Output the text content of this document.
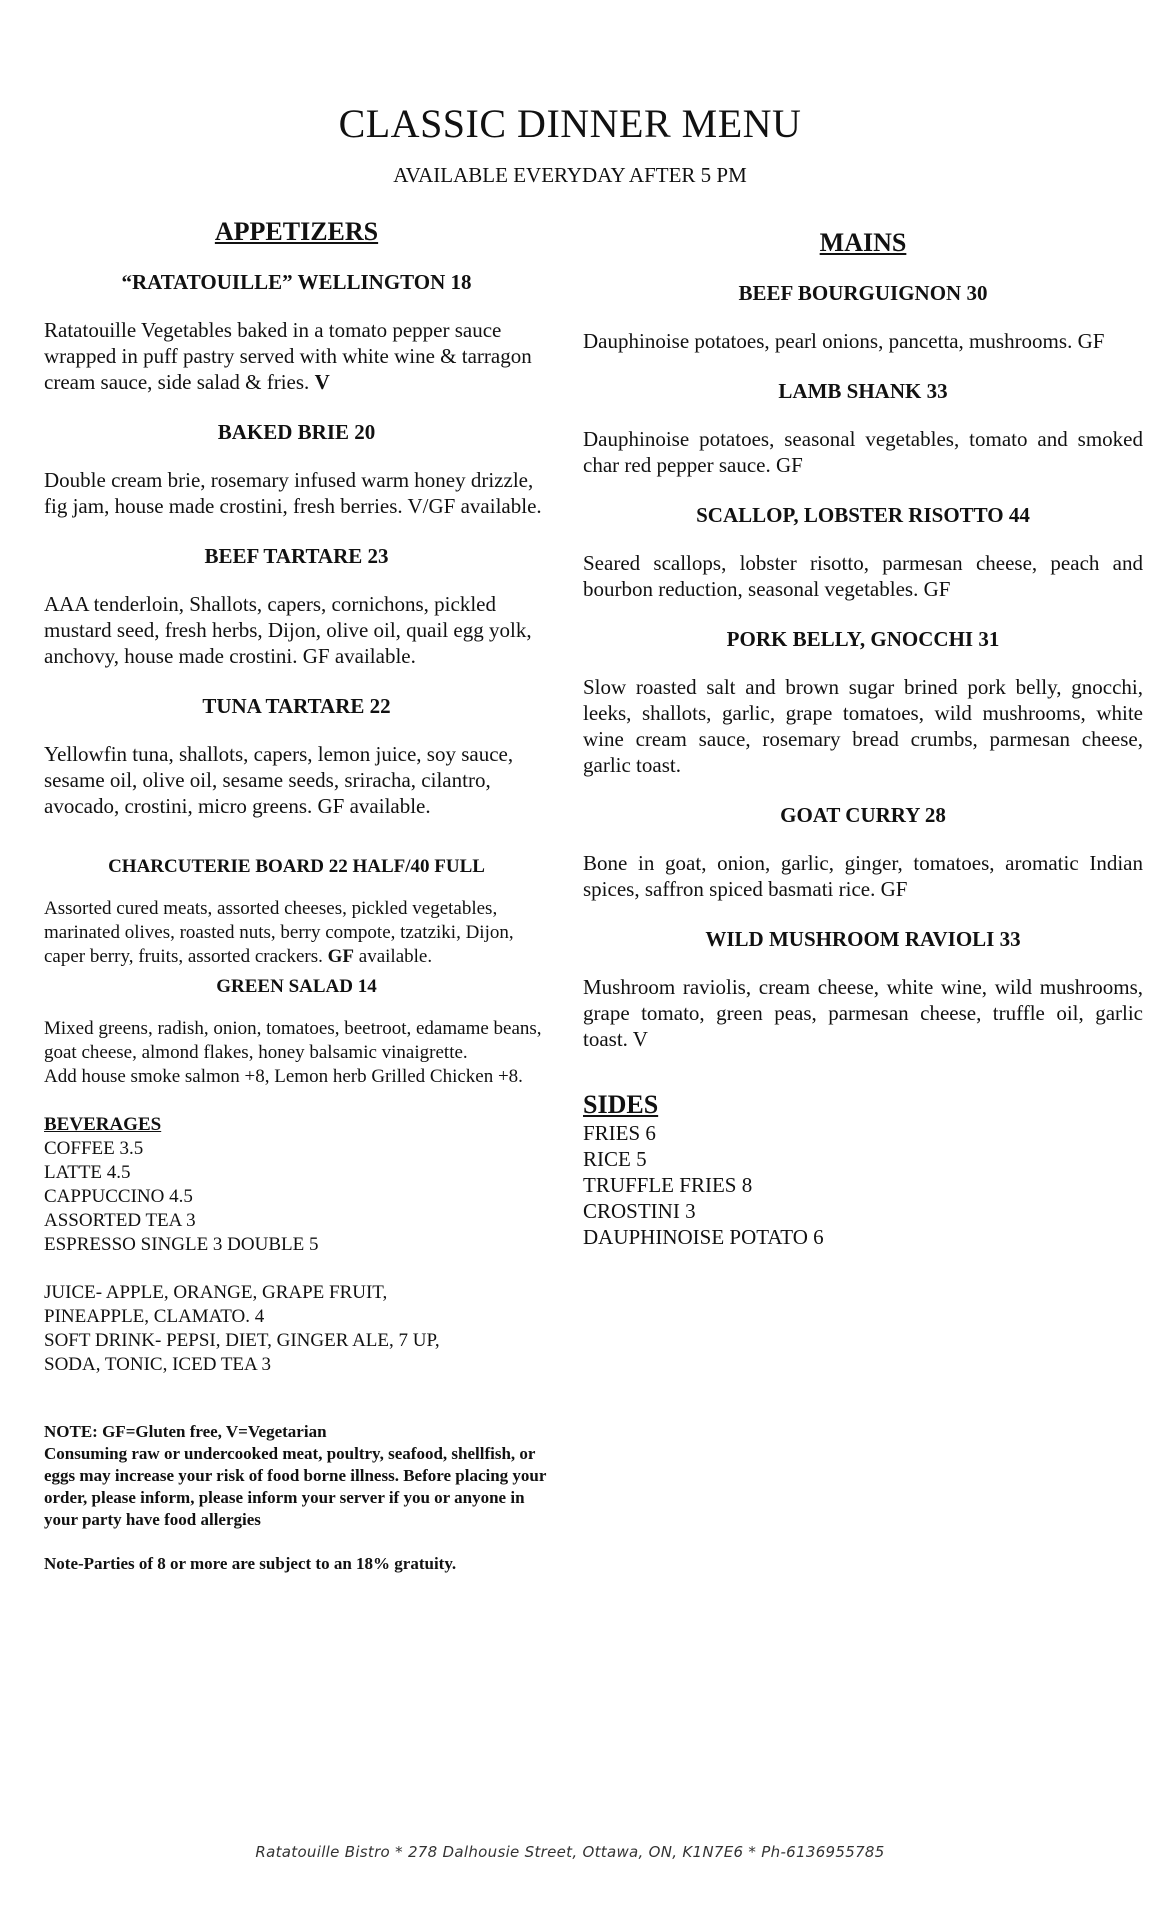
CLASSIC DINNER MENU
AVAILABLE EVERYDAY AFTER 5 PM
APPETIZERS
“RATATOUILLE” WELLINGTON 18
Ratatouille Vegetables baked in a tomato pepper sauce wrapped in puff pastry served with white wine & tarragon cream sauce, side salad & fries. V
BAKED BRIE 20
Double cream brie, rosemary infused warm honey drizzle, fig jam, house made crostini, fresh berries. V/GF available.
BEEF TARTARE 23
AAA tenderloin, Shallots, capers, cornichons, pickled mustard seed, fresh herbs, Dijon, olive oil, quail egg yolk, anchovy, house made crostini. GF available.
TUNA TARTARE 22
Yellowfin tuna, shallots, capers, lemon juice, soy sauce, sesame oil, olive oil, sesame seeds, sriracha, cilantro, avocado, crostini, micro greens. GF available.
CHARCUTERIE BOARD 22 HALF/40 FULL
Assorted cured meats, assorted cheeses, pickled vegetables, marinated olives, roasted nuts, berry compote, tzatziki, Dijon, caper berry, fruits, assorted crackers. GF available.
GREEN SALAD 14
Mixed greens, radish, onion, tomatoes, beetroot, edamame beans, goat cheese, almond flakes, honey balsamic vinaigrette.
Add house smoke salmon +8, Lemon herb Grilled Chicken +8.
BEVERAGES
COFFEE 3.5
LATTE 4.5
CAPPUCCINO 4.5
ASSORTED TEA 3
ESPRESSO SINGLE 3 DOUBLE 5
JUICE- APPLE, ORANGE, GRAPE FRUIT, PINEAPPLE, CLAMATO. 4
SOFT DRINK- PEPSI, DIET, GINGER ALE, 7 UP, SODA, TONIC, ICED TEA 3
NOTE: GF=Gluten free, V=Vegetarian
Consuming raw or undercooked meat, poultry, seafood, shellfish, or eggs may increase your risk of food borne illness. Before placing your order, please inform, please inform your server if you or anyone in your party have food allergies
Note-Parties of 8 or more are subject to an 18% gratuity.
MAINS
BEEF BOURGUIGNON 30
Dauphinoise potatoes, pearl onions, pancetta, mushrooms. GF
LAMB SHANK 33
Dauphinoise potatoes, seasonal vegetables, tomato and smoked char red pepper sauce. GF
SCALLOP, LOBSTER RISOTTO 44
Seared scallops, lobster risotto, parmesan cheese, peach and bourbon reduction, seasonal vegetables. GF
PORK BELLY, GNOCCHI 31
Slow roasted salt and brown sugar brined pork belly, gnocchi, leeks, shallots, garlic, grape tomatoes, wild mushrooms, white wine cream sauce, rosemary bread crumbs, parmesan cheese, garlic toast.
GOAT CURRY 28
Bone in goat, onion, garlic, ginger, tomatoes, aromatic Indian spices, saffron spiced basmati rice. GF
WILD MUSHROOM RAVIOLI 33
Mushroom raviolis, cream cheese, white wine, wild mushrooms, grape tomato, green peas, parmesan cheese, truffle oil, garlic toast. V
SIDES
FRIES 6
RICE 5
TRUFFLE FRIES 8
CROSTINI 3
DAUPHINOISE POTATO 6
Ratatouille Bistro * 278 Dalhousie Street, Ottawa, ON, K1N7E6 * Ph-6136955785
